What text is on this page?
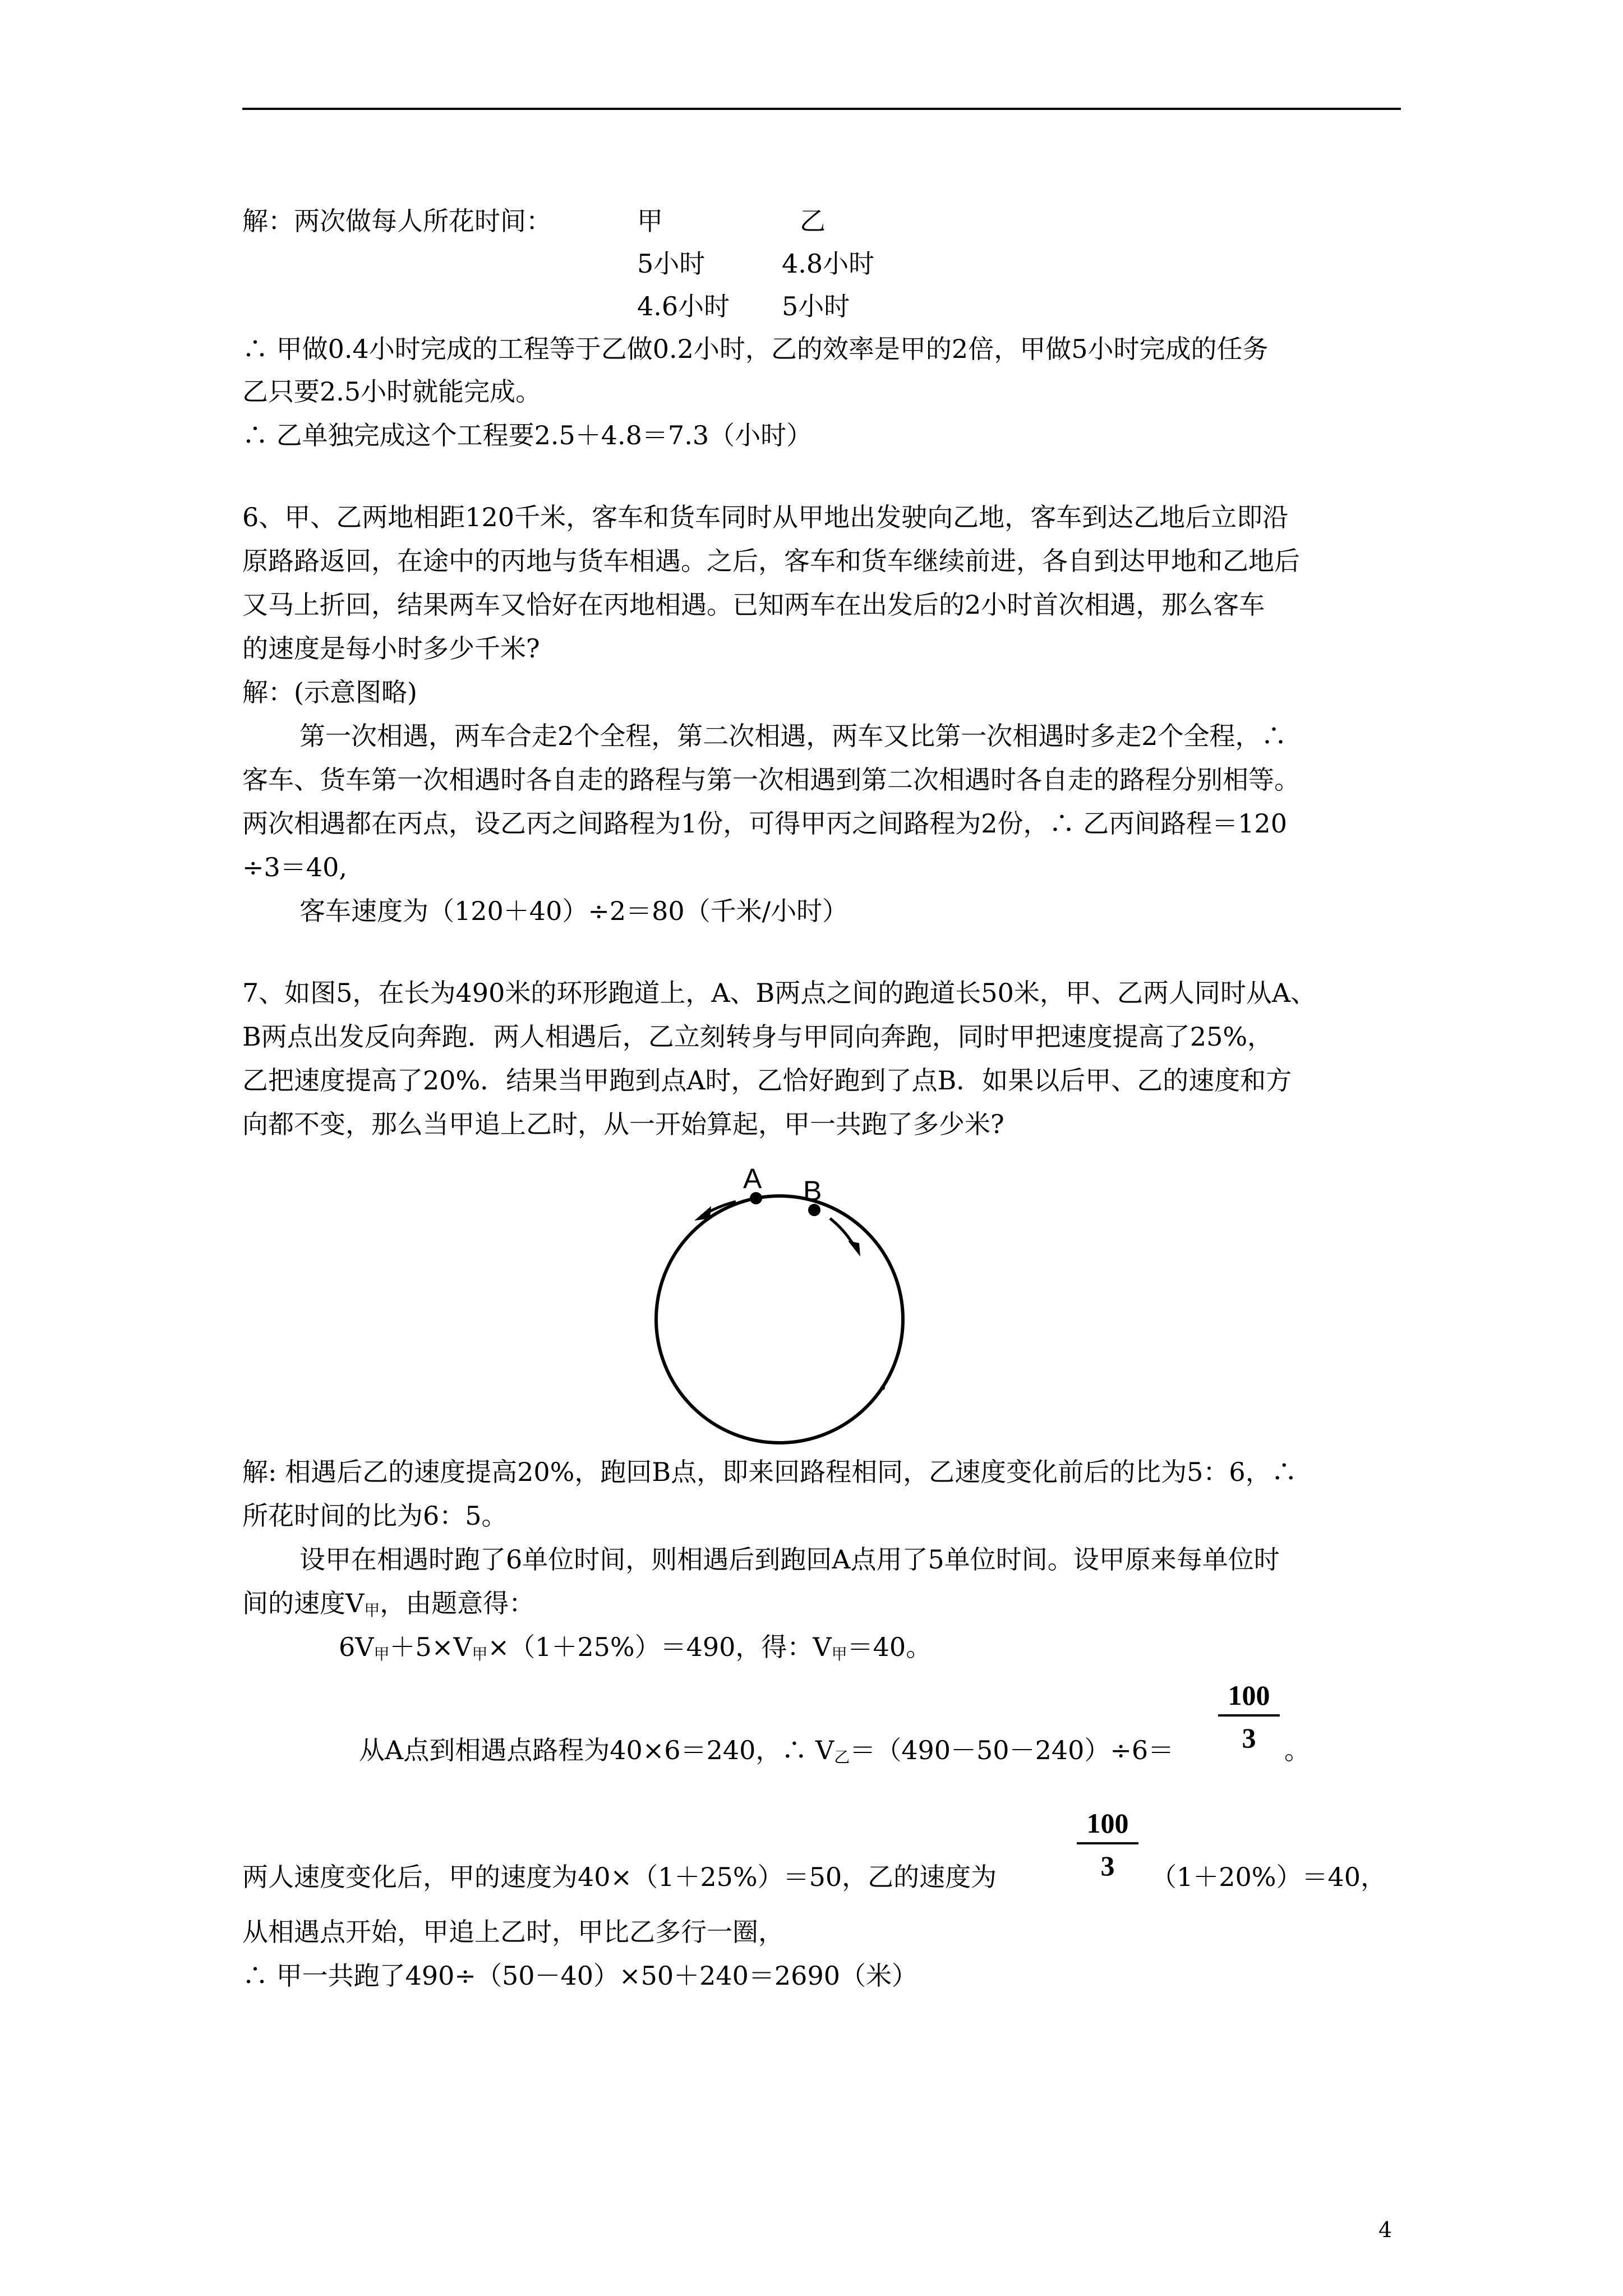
解：两次做每人所花时间：	甲	乙
5小时	4.8小时
4.6小时 5小时
∴ 甲做0.4小时完成的工程等于乙做0.2小时，乙的效率是甲的2倍，甲做5小时完成的任务
乙只要2.5小时就能完成。
∴ 乙单独完成这个工程要2.5＋4.8＝7.3（小时）
6、甲、乙两地相距120千米，客车和货车同时从甲地出发驶向乙地，客车到达乙地后立即沿
原路路返回，在途中的丙地与货车相遇。之后，客车和货车继续前进，各自到达甲地和乙地后
又马上折回，结果两车又恰好在丙地相遇。已知两车在出发后的2小时首次相遇，那么客车
的速度是每小时多少千米?
解：(示意图略)
第一次相遇，两车合走2个全程，第二次相遇，两车又比第一次相遇时多走2个全程，∴
客车、货车第一次相遇时各自走的路程与第一次相遇到第二次相遇时各自走的路程分别相等。
两次相遇都在丙点，设乙丙之间路程为1份，可得甲丙之间路程为2份，∴ 乙丙间路程＝120
÷3＝40,
客车速度为（120＋40）÷2＝80（千米/小时）
7、如图5，在长为490米的环形跑道上，A、B两点之间的跑道长50米，甲、乙两人同时从A、
B两点出发反向奔跑．两人相遇后，乙立刻转身与甲同向奔跑，同时甲把速度提高了25%，
乙把速度提高了20%．结果当甲跑到点A时，乙恰好跑到了点B．如果以后甲、乙的速度和方
向都不变，那么当甲追上乙时，从一开始算起，甲一共跑了多少米?
A B
解: 相遇后乙的速度提高20%，跑回B点，即来回路程相同，乙速度变化前后的比为5：6，∴
所花时间的比为6：5。
设甲在相遇时跑了6单位时间，则相遇后到跑回A点用了5单位时间。设甲原来每单位时
间的速度$V_甲$，由题意得：
$6V_甲+5\times V_甲\times(1+25\%)=490$，得：$V_甲=40$。
$\frac{100}{3}$
从A点到相遇点路程为40×6＝240，∴ $V_乙=(490-50-240)\div 6=$	。
$\frac{100}{3}$
两人速度变化后，甲的速度为40×（1＋25%）＝50，乙的速度为	（1＋20%）＝40，
从相遇点开始，甲追上乙时，甲比乙多行一圈，
∴ 甲一共跑了490÷（50－40）×50＋240＝2690（米）
4
